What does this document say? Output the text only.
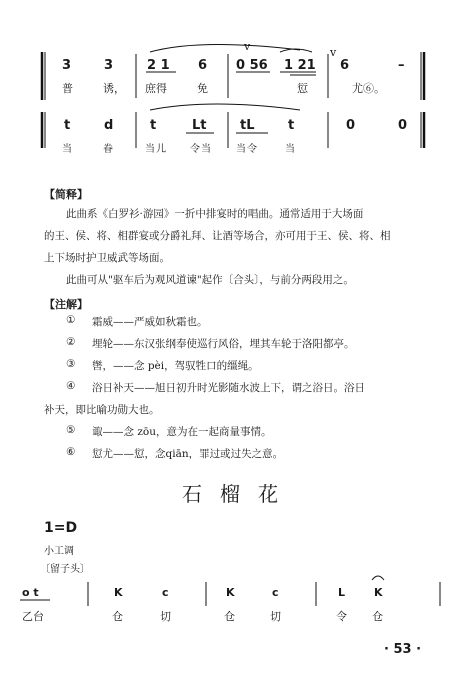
3	3	2 1 6 0 56 1 21 6	–
v	v
普	诱， 庶得	免	愆	尤⑥。
t	d	t	Lt	tL	t	0	0
当	眷	当儿 令当 当令	当
【简释】
此曲系《白罗衫·游园》一折中排宴时的唱曲。通常适用于大场面
的王、侯、将、相群宴或分爵礼拜、让酒等场合，亦可用于王、侯、将、相
上下场时护卫威武等场面。
此曲可从"驱车后为观风道谏"起作〔合头〕，与前分两段用之。
【注解】
① 霜威——严威如秋霜也。
② 埋轮——东汉张纲奉使巡行风俗，埋其车轮于洛阳都亭。
③ 辔，——念 pèi，驾驭牲口的缰绳。
④ 浴日补天——旭日初升时光影随水波上下，谓之浴日。浴日
补天，即比喻功勋大也。
⑤ 诹——念 zōu，意为在一起商量事情。
⑥ 愆尤——愆，念qiān，罪过或过失之意。
石榴花
1=D
小工调
〔留子头〕
o t	K	c	K	c	L	K
乙台	仓	切	仓	切	令 仓
· 53 ·
